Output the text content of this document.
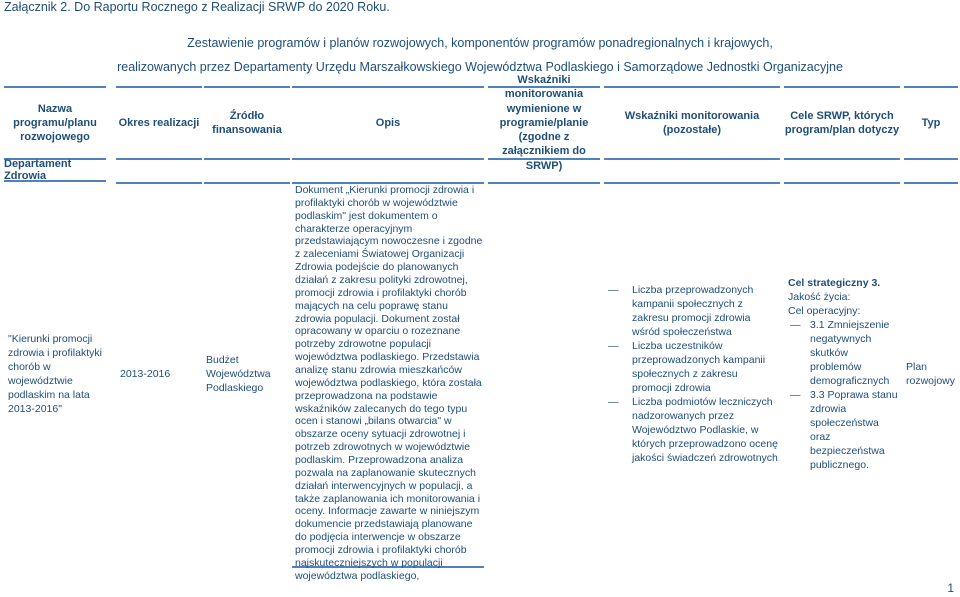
Załącznik 2. Do Raportu Rocznego z Realizacji SRWP do 2020 Roku.
Zestawienie programów i planów rozwojowych, komponentów programów ponadregionalnych i krajowych,
realizowanych przez Departamenty Urzędu Marszałkowskiego Województwa Podlaskiego i Samorządowe Jednostki Organizacyjne
Nazwa programu/planu rozwojowego
Okres realizacji
Źródło finansowania
Opis
Wskaźniki monitorowania wymienione w programie/planie (zgodne z załącznikiem do SRWP)
Wskaźniki monitorowania (pozostałe)
Cele SRWP, których program/plan dotyczy
Typ
Departament Zdrowia
"Kierunki promocji zdrowia i profilaktyki chorób w województwie podlaskim na lata 2013-2016"
2013-2016
Budżet Województwa Podlaskiego
Dokument „Kierunki promocji zdrowia i profilaktyki chorób w województwie podlaskim" jest dokumentem o charakterze operacyjnym przedstawiającym nowoczesne i zgodne z zaleceniami Światowej Organizacji Zdrowia podejście do planowanych działań z zakresu polityki zdrowotnej, promocji zdrowia i profilaktyki chorób mających na celu poprawę stanu zdrowia populacji. Dokument został opracowany w oparciu o rozeznane potrzeby zdrowotne populacji województwa podlaskiego. Przedstawia analizę stanu zdrowia mieszkańców województwa podlaskiego, która została przeprowadzona na podstawie wskaźników zalecanych do tego typu ocen i stanowi „bilans otwarcia" w obszarze oceny sytuacji zdrowotnej i potrzeb zdrowotnych w województwie podlaskim. Przeprowadzona analiza pozwala na zaplanowanie skutecznych działań interwencyjnych w populacji, a także zaplanowania ich monitorowania i oceny. Informacje zawarte w niniejszym dokumencie przedstawiają planowane do podjęcia interwencje w obszarze promocji zdrowia i profilaktyki chorób najskuteczniejszych w populacji województwa podlaskiego,
— Liczba przeprowadzonych kampanii społecznych z zakresu promocji zdrowia wśród społeczeństwa
— Liczba uczestników przeprowadzonych kampanii społecznych z zakresu promocji zdrowia
— Liczba podmiotów leczniczych nadzorowanych przez Województwo Podlaskie, w których przeprowadzono ocenę jakości świadczeń zdrowotnych
Cel strategiczny 3. Jakość życia:
Cel operacyjny:
— 3.1 Zmniejszenie negatywnych skutków problemów demograficznych
— 3.3 Poprawa stanu zdrowia społeczeństwa oraz bezpieczeństwa publicznego.
Plan rozwojowy
1
